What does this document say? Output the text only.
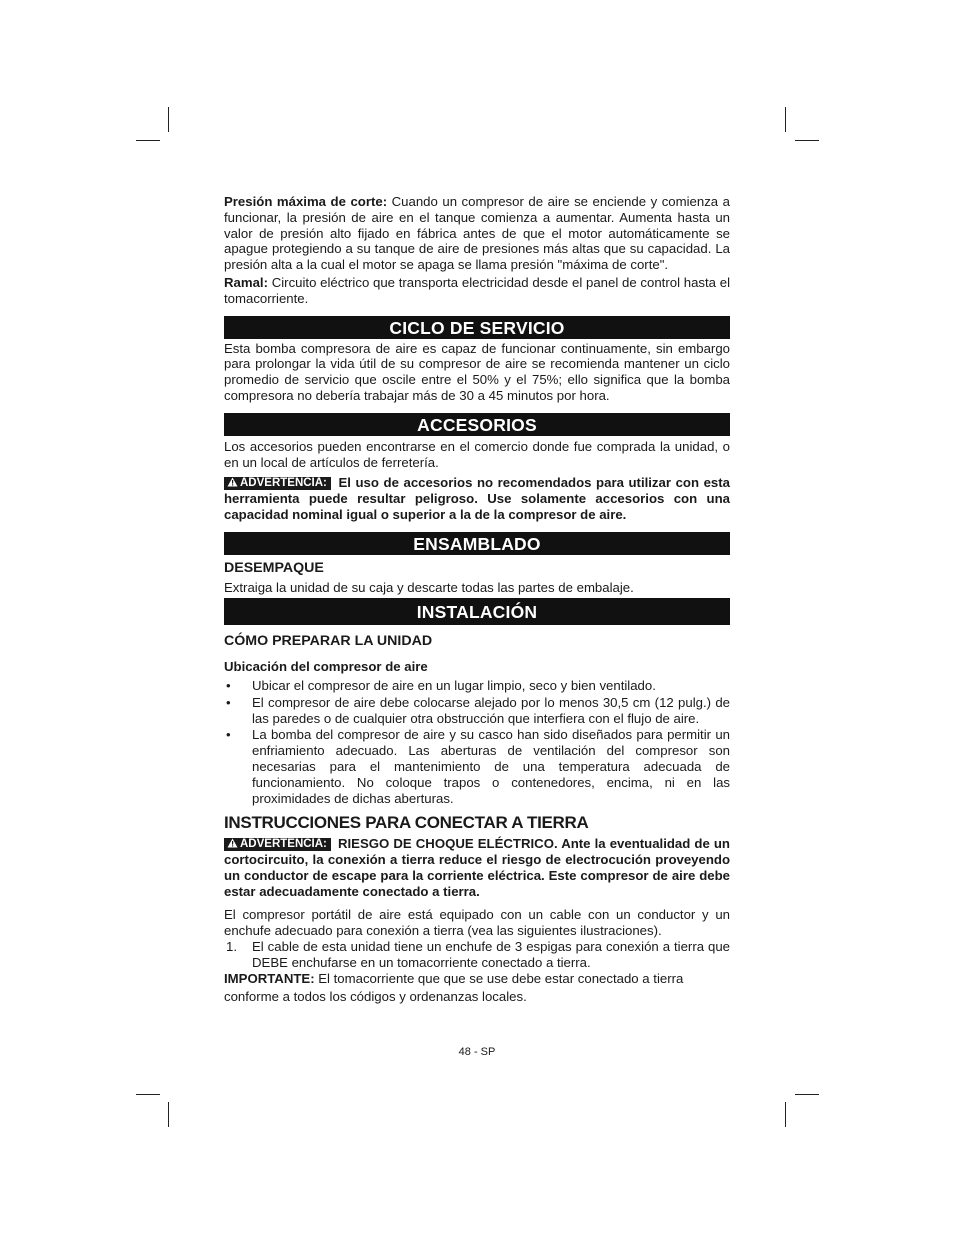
Presión máxima de corte: Cuando un compresor de aire se enciende y comienza a funcionar, la presión de aire en el tanque comienza a aumentar. Aumenta hasta un valor de presión alto fijado en fábrica antes de que el motor automáticamente se apague protegiendo a su tanque de aire de presiones más altas que su capacidad. La presión alta a la cual el motor se apaga se llama presión "máxima de corte".

Ramal: Circuito eléctrico que transporta electricidad desde el panel de control hasta el tomacorriente.

CICLO DE SERVICIO

Esta bomba compresora de aire es capaz de funcionar continuamente, sin embargo para prolongar la vida útil de su compresor de aire se recomienda mantener un ciclo promedio de servicio que oscile entre el 50% y el 75%; ello significa que la bomba compresora no debería trabajar más de 30 a 45 minutos por hora.

ACCESORIOS

Los accesorios pueden encontrarse en el comercio donde fue comprada la unidad, o en un local de artículos de ferretería.

ADVERTENCIA: El uso de accesorios no recomendados para utilizar con esta herramienta puede resultar peligroso. Use solamente accesorios con una capacidad nominal igual o superior a la de la compresor de aire.

ENSAMBLADO
DESEMPAQUE

Extraiga la unidad de su caja y descarte todas las partes de embalaje.

INSTALACIÓN
CÓMO PREPARAR LA UNIDAD
Ubicación del compresor de aire
• Ubicar el compresor de aire en un lugar limpio, seco y bien ventilado.
• El compresor de aire debe colocarse alejado por lo menos 30,5 cm (12 pulg.) de las paredes o de cualquier otra obstrucción que interfiera con el flujo de aire.
• La bomba del compresor de aire y su casco han sido diseñados para permitir un enfriamiento adecuado. Las aberturas de ventilación del compresor son necesarias para el mantenimiento de una temperatura adecuada de funcionamiento. No coloque trapos o contenedores, encima, ni en las proximidades de dichas aberturas.
INSTRUCCIONES PARA CONECTAR A TIERRA

ADVERTENCIA: RIESGO DE CHOQUE ELÉCTRICO. Ante la eventualidad de un cortocircuito, la conexión a tierra reduce el riesgo de electrocución proveyendo un conductor de escape para la corriente eléctrica. Este compresor de aire debe estar adecuadamente conectado a tierra.

El compresor portátil de aire está equipado con un cable con un conductor y un enchufe adecuado para conexión a tierra (vea las siguientes ilustraciones).

1. El cable de esta unidad tiene un enchufe de 3 espigas para conexión a tierra que DEBE enchufarse en un tomacorriente conectado a tierra.

IMPORTANTE: El tomacorriente que que se use debe estar conectado a tierra

conforme a todos los códigos y ordenanzas locales.

48 - SP
